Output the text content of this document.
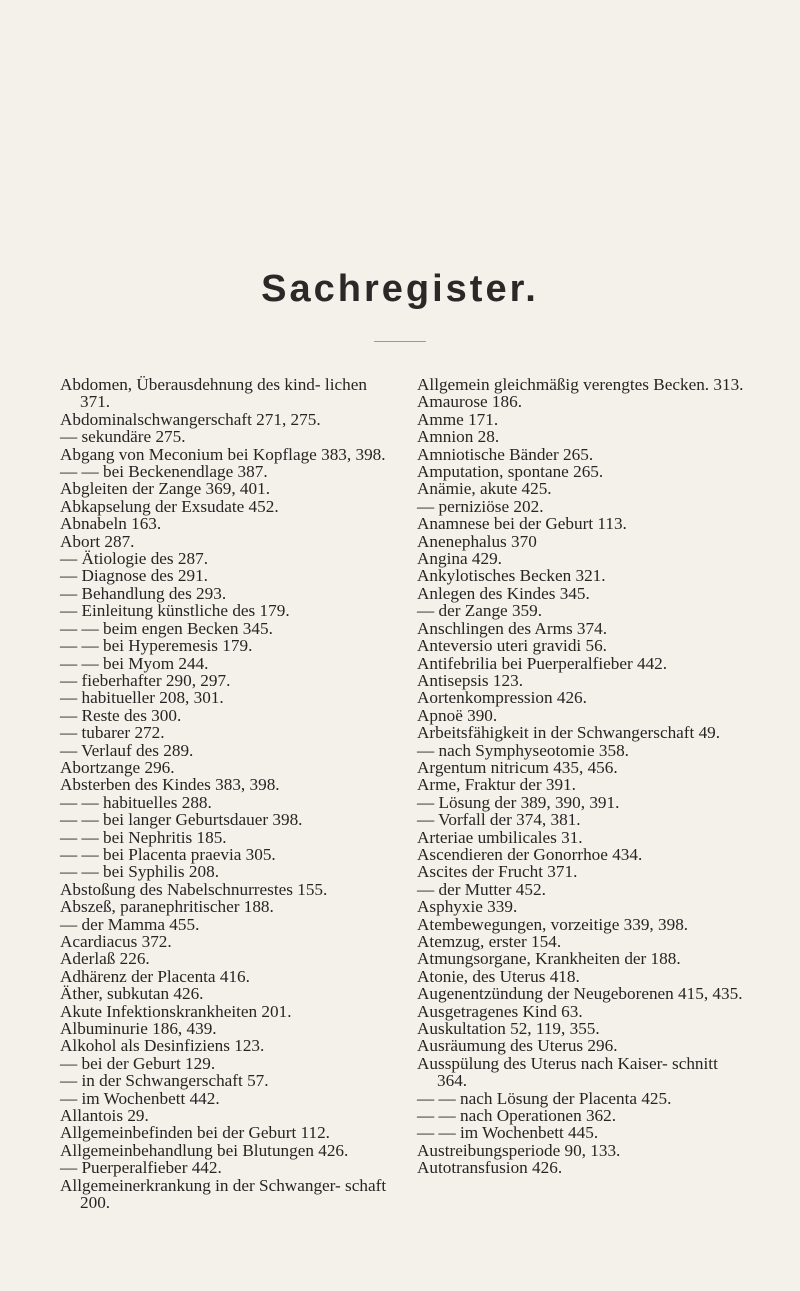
Sachregister.
Abdomen, Überausdehnung des kind- lichen 371.
Abdominalschwangerschaft 271, 275.
— sekundäre 275.
Abgang von Meconium bei Kopflage 383, 398.
— — bei Beckenendlage 387.
Abgleiten der Zange 369, 401.
Abkapselung der Exsudate 452.
Abnabeln 163.
Abort 287.
— Ätiologie des 287.
— Diagnose des 291.
— Behandlung des 293.
— Einleitung künstliche des 179.
— — beim engen Becken 345.
— — bei Hyperemesis 179.
— — bei Myom 244.
— fieberhafter 290, 297.
— habitueller 208, 301.
— Reste des 300.
— tubarer 272.
— Verlauf des 289.
Abortzange 296.
Absterben des Kindes 383, 398.
— — habituelles 288.
— — bei langer Geburtsdauer 398.
— — bei Nephritis 185.
— — bei Placenta praevia 305.
— — bei Syphilis 208.
Abstoßung des Nabelschnurrestes 155.
Abszeß, paranephritischer 188.
— der Mamma 455.
Acardiacus 372.
Aderlaß 226.
Adhärenz der Placenta 416.
Äther, subkutan 426.
Akute Infektionskrankheiten 201.
Albuminurie 186, 439.
Alkohol als Desinfiziens 123.
— bei der Geburt 129.
— in der Schwangerschaft 57.
— im Wochenbett 442.
Allantois 29.
Allgemeinbefinden bei der Geburt 112.
Allgemeinbehandlung bei Blutungen 426.
— Puerperalfieber 442.
Allgemeinerkrankung in der Schwanger- schaft 200.
Allgemein gleichmäßig verengtes Becken. 313.
Amaurose 186.
Amme 171.
Amnion 28.
Amniotische Bänder 265.
Amputation, spontane 265.
Anämie, akute 425.
— perniziöse 202.
Anamnese bei der Geburt 113.
Anenephalus 370
Angina 429.
Ankylotisches Becken 321.
Anlegen des Kindes 345.
— der Zange 359.
Anschlingen des Arms 374.
Anteversio uteri gravidi 56.
Antifebrilia bei Puerperalfieber 442.
Antisepsis 123.
Aortenkompression 426.
Apnoë 390.
Arbeitsfähigkeit in der Schwangerschaft 49.
— nach Symphyseotomie 358.
Argentum nitricum 435, 456.
Arme, Fraktur der 391.
— Lösung der 389, 390, 391.
— Vorfall der 374, 381.
Arteriae umbilicales 31.
Ascendieren der Gonorrhoe 434.
Ascites der Frucht 371.
— der Mutter 452.
Asphyxie 339.
Atembewegungen, vorzeitige 339, 398.
Atemzug, erster 154.
Atmungsorgane, Krankheiten der 188.
Atonie, des Uterus 418.
Augenentzündung der Neugeborenen 415, 435.
Ausgetragenes Kind 63.
Auskultation 52, 119, 355.
Ausräumung des Uterus 296.
Ausspülung des Uterus nach Kaiser- schnitt 364.
— — nach Lösung der Placenta 425.
— — nach Operationen 362.
— — im Wochenbett 445.
Austreibungsperiode 90, 133.
Autotransfusion 426.
